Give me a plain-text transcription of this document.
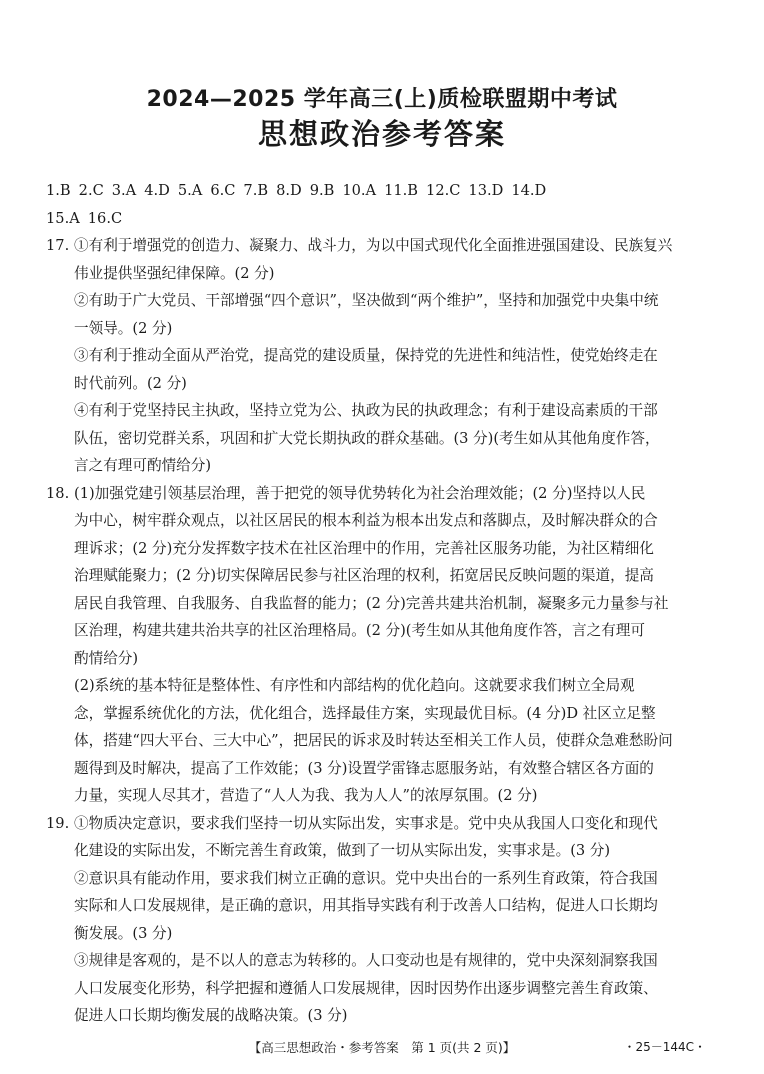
2024—2025 学年高三(上)质检联盟期中考试
思想政治参考答案
1.B 2.C 3.A 4.D 5.A 6.C 7.B 8.D 9.B 10.A 11.B 12.C 13.D 14.D
15.A 16.C
17. ①有利于增强党的创造力、凝聚力、战斗力，为以中国式现代化全面推进强国建设、民族复兴
伟业提供坚强纪律保障。(2 分)
②有助于广大党员、干部增强“四个意识”，坚决做到“两个维护”，坚持和加强党中央集中统
一领导。(2 分)
③有利于推动全面从严治党，提高党的建设质量，保持党的先进性和纯洁性，使党始终走在
时代前列。(2 分)
④有利于党坚持民主执政，坚持立党为公、执政为民的执政理念；有利于建设高素质的干部
队伍，密切党群关系，巩固和扩大党长期执政的群众基础。(3 分)(考生如从其他角度作答，
言之有理可酌情给分)
18. (1)加强党建引领基层治理，善于把党的领导优势转化为社会治理效能；(2 分)坚持以人民
为中心，树牢群众观点，以社区居民的根本利益为根本出发点和落脚点，及时解决群众的合
理诉求；(2 分)充分发挥数字技术在社区治理中的作用，完善社区服务功能，为社区精细化
治理赋能聚力；(2 分)切实保障居民参与社区治理的权利，拓宽居民反映问题的渠道，提高
居民自我管理、自我服务、自我监督的能力；(2 分)完善共建共治机制，凝聚多元力量参与社
区治理，构建共建共治共享的社区治理格局。(2 分)(考生如从其他角度作答，言之有理可
酌情给分)
(2)系统的基本特征是整体性、有序性和内部结构的优化趋向。这就要求我们树立全局观
念，掌握系统优化的方法，优化组合，选择最佳方案，实现最优目标。(4 分)D 社区立足整
体，搭建“四大平台、三大中心”，把居民的诉求及时转达至相关工作人员，使群众急难愁盼问
题得到及时解决，提高了工作效能；(3 分)设置学雷锋志愿服务站，有效整合辖区各方面的
力量，实现人尽其才，营造了“人人为我、我为人人”的浓厚氛围。(2 分)
19. ①物质决定意识，要求我们坚持一切从实际出发，实事求是。党中央从我国人口变化和现代
化建设的实际出发，不断完善生育政策，做到了一切从实际出发，实事求是。(3 分)
②意识具有能动作用，要求我们树立正确的意识。党中央出台的一系列生育政策，符合我国
实际和人口发展规律，是正确的意识，用其指导实践有利于改善人口结构，促进人口长期均
衡发展。(3 分)
③规律是客观的，是不以人的意志为转移的。人口变动也是有规律的，党中央深刻洞察我国
人口发展变化形势，科学把握和遵循人口发展规律，因时因势作出逐步调整完善生育政策、
促进人口长期均衡发展的战略决策。(3 分)
【高三思想政治・参考答案　第 1 页(共 2 页)】	・25－144C・
